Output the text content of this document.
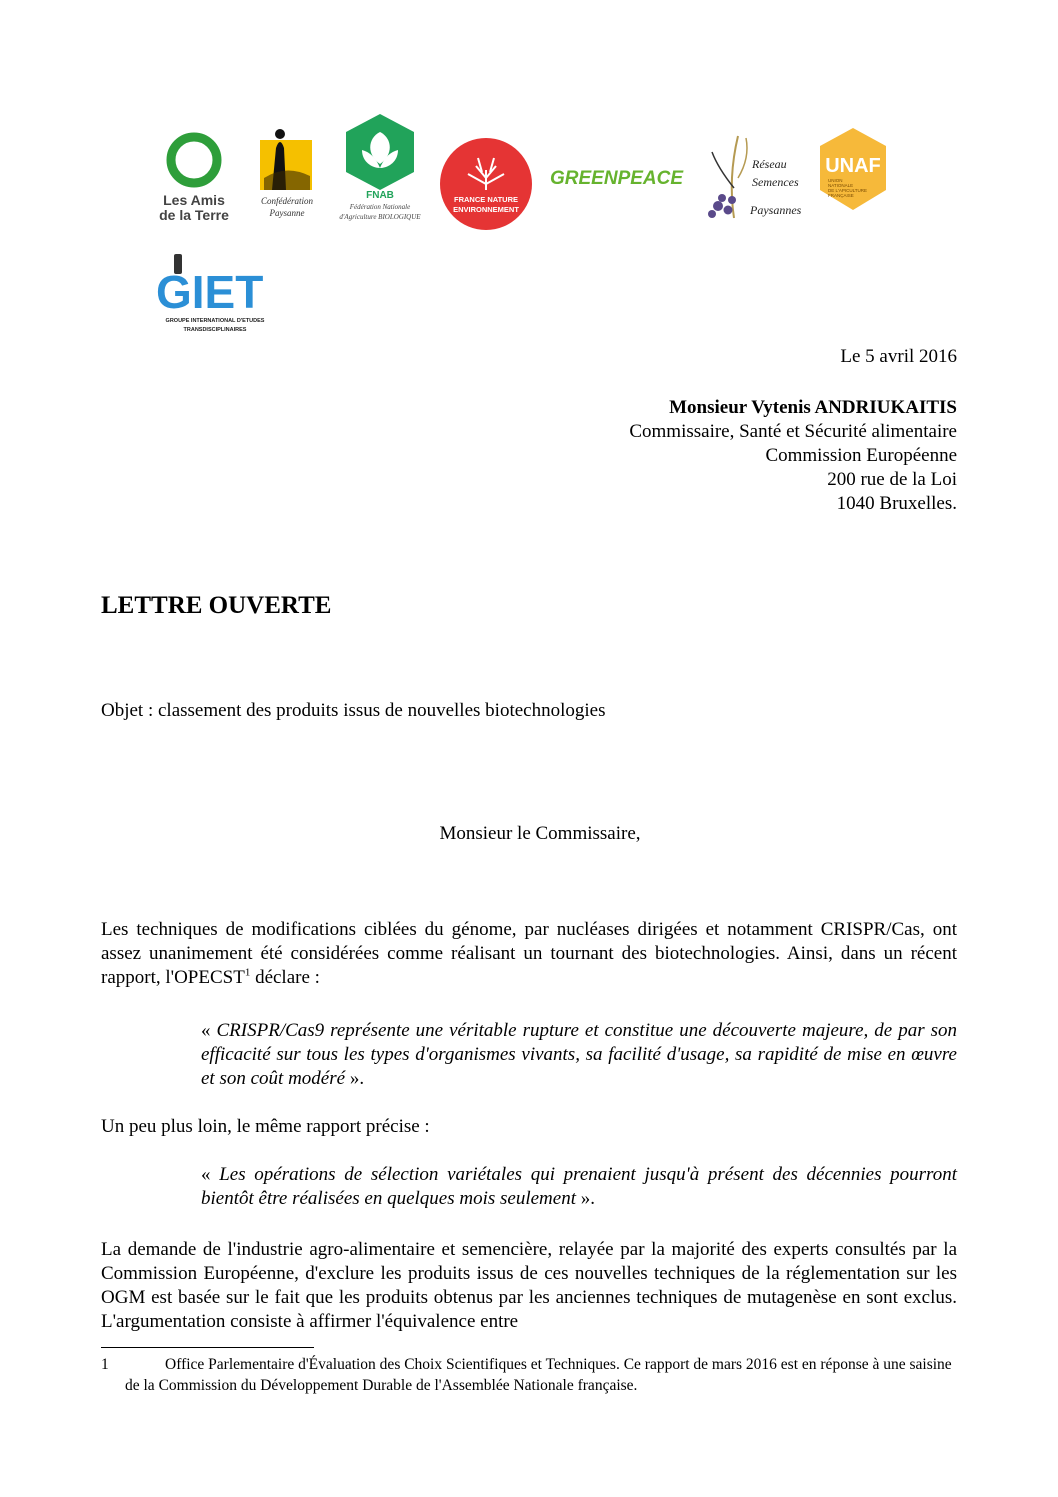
Les Amis
de la Terre
Confédération
Paysanne
FNAB
Fédération Nationale
d'Agriculture BIOLOGIQUE
FRANCE NATURE
ENVIRONNEMENT
GREENPEACE
Réseau
Semences
Paysannes
UNAF
UNION
NATIONALE
DE L'APICULTURE
FRANÇAISE
GIET
GROUPE INTERNATIONAL D'ETUDES
TRANSDISCIPLINAIRES
Le 5 avril 2016
Monsieur Vytenis ANDRIUKAITIS
Commissaire, Santé et Sécurité alimentaire
Commission Européenne
200 rue de la Loi
1040 Bruxelles.
LETTRE OUVERTE
Objet : classement des produits issus de nouvelles biotechnologies
Monsieur le Commissaire,
Les techniques de modifications ciblées du génome, par nucléases dirigées et notamment CRISPR/Cas, ont assez unanimement été considérées comme réalisant un tournant des biotechnologies. Ainsi, dans un récent rapport, l'OPECST$^1$ déclare :
« CRISPR/Cas9 représente une véritable rupture et constitue une découverte majeure, de par son efficacité sur tous les types d'organismes vivants, sa facilité d'usage, sa rapidité de mise en œuvre et son coût modéré ».
Un peu plus loin, le même rapport précise :
« Les opérations de sélection variétales qui prenaient jusqu'à présent des décennies pourront bientôt être réalisées en quelques mois seulement ».
La demande de l'industrie agro-alimentaire et semencière, relayée par la majorité des experts consultés par la Commission Européenne, d'exclure les produits issus de ces nouvelles techniques de la réglementation sur les OGM est basée sur le fait que les produits obtenus par les anciennes techniques de mutagenèse en sont exclus. L'argumentation consiste à affirmer l'équivalence entre
1	Office Parlementaire d'Évaluation des Choix Scientifiques et Techniques. Ce rapport de mars 2016 est en réponse à une saisine de la Commission du Développement Durable de l'Assemblée Nationale française.
